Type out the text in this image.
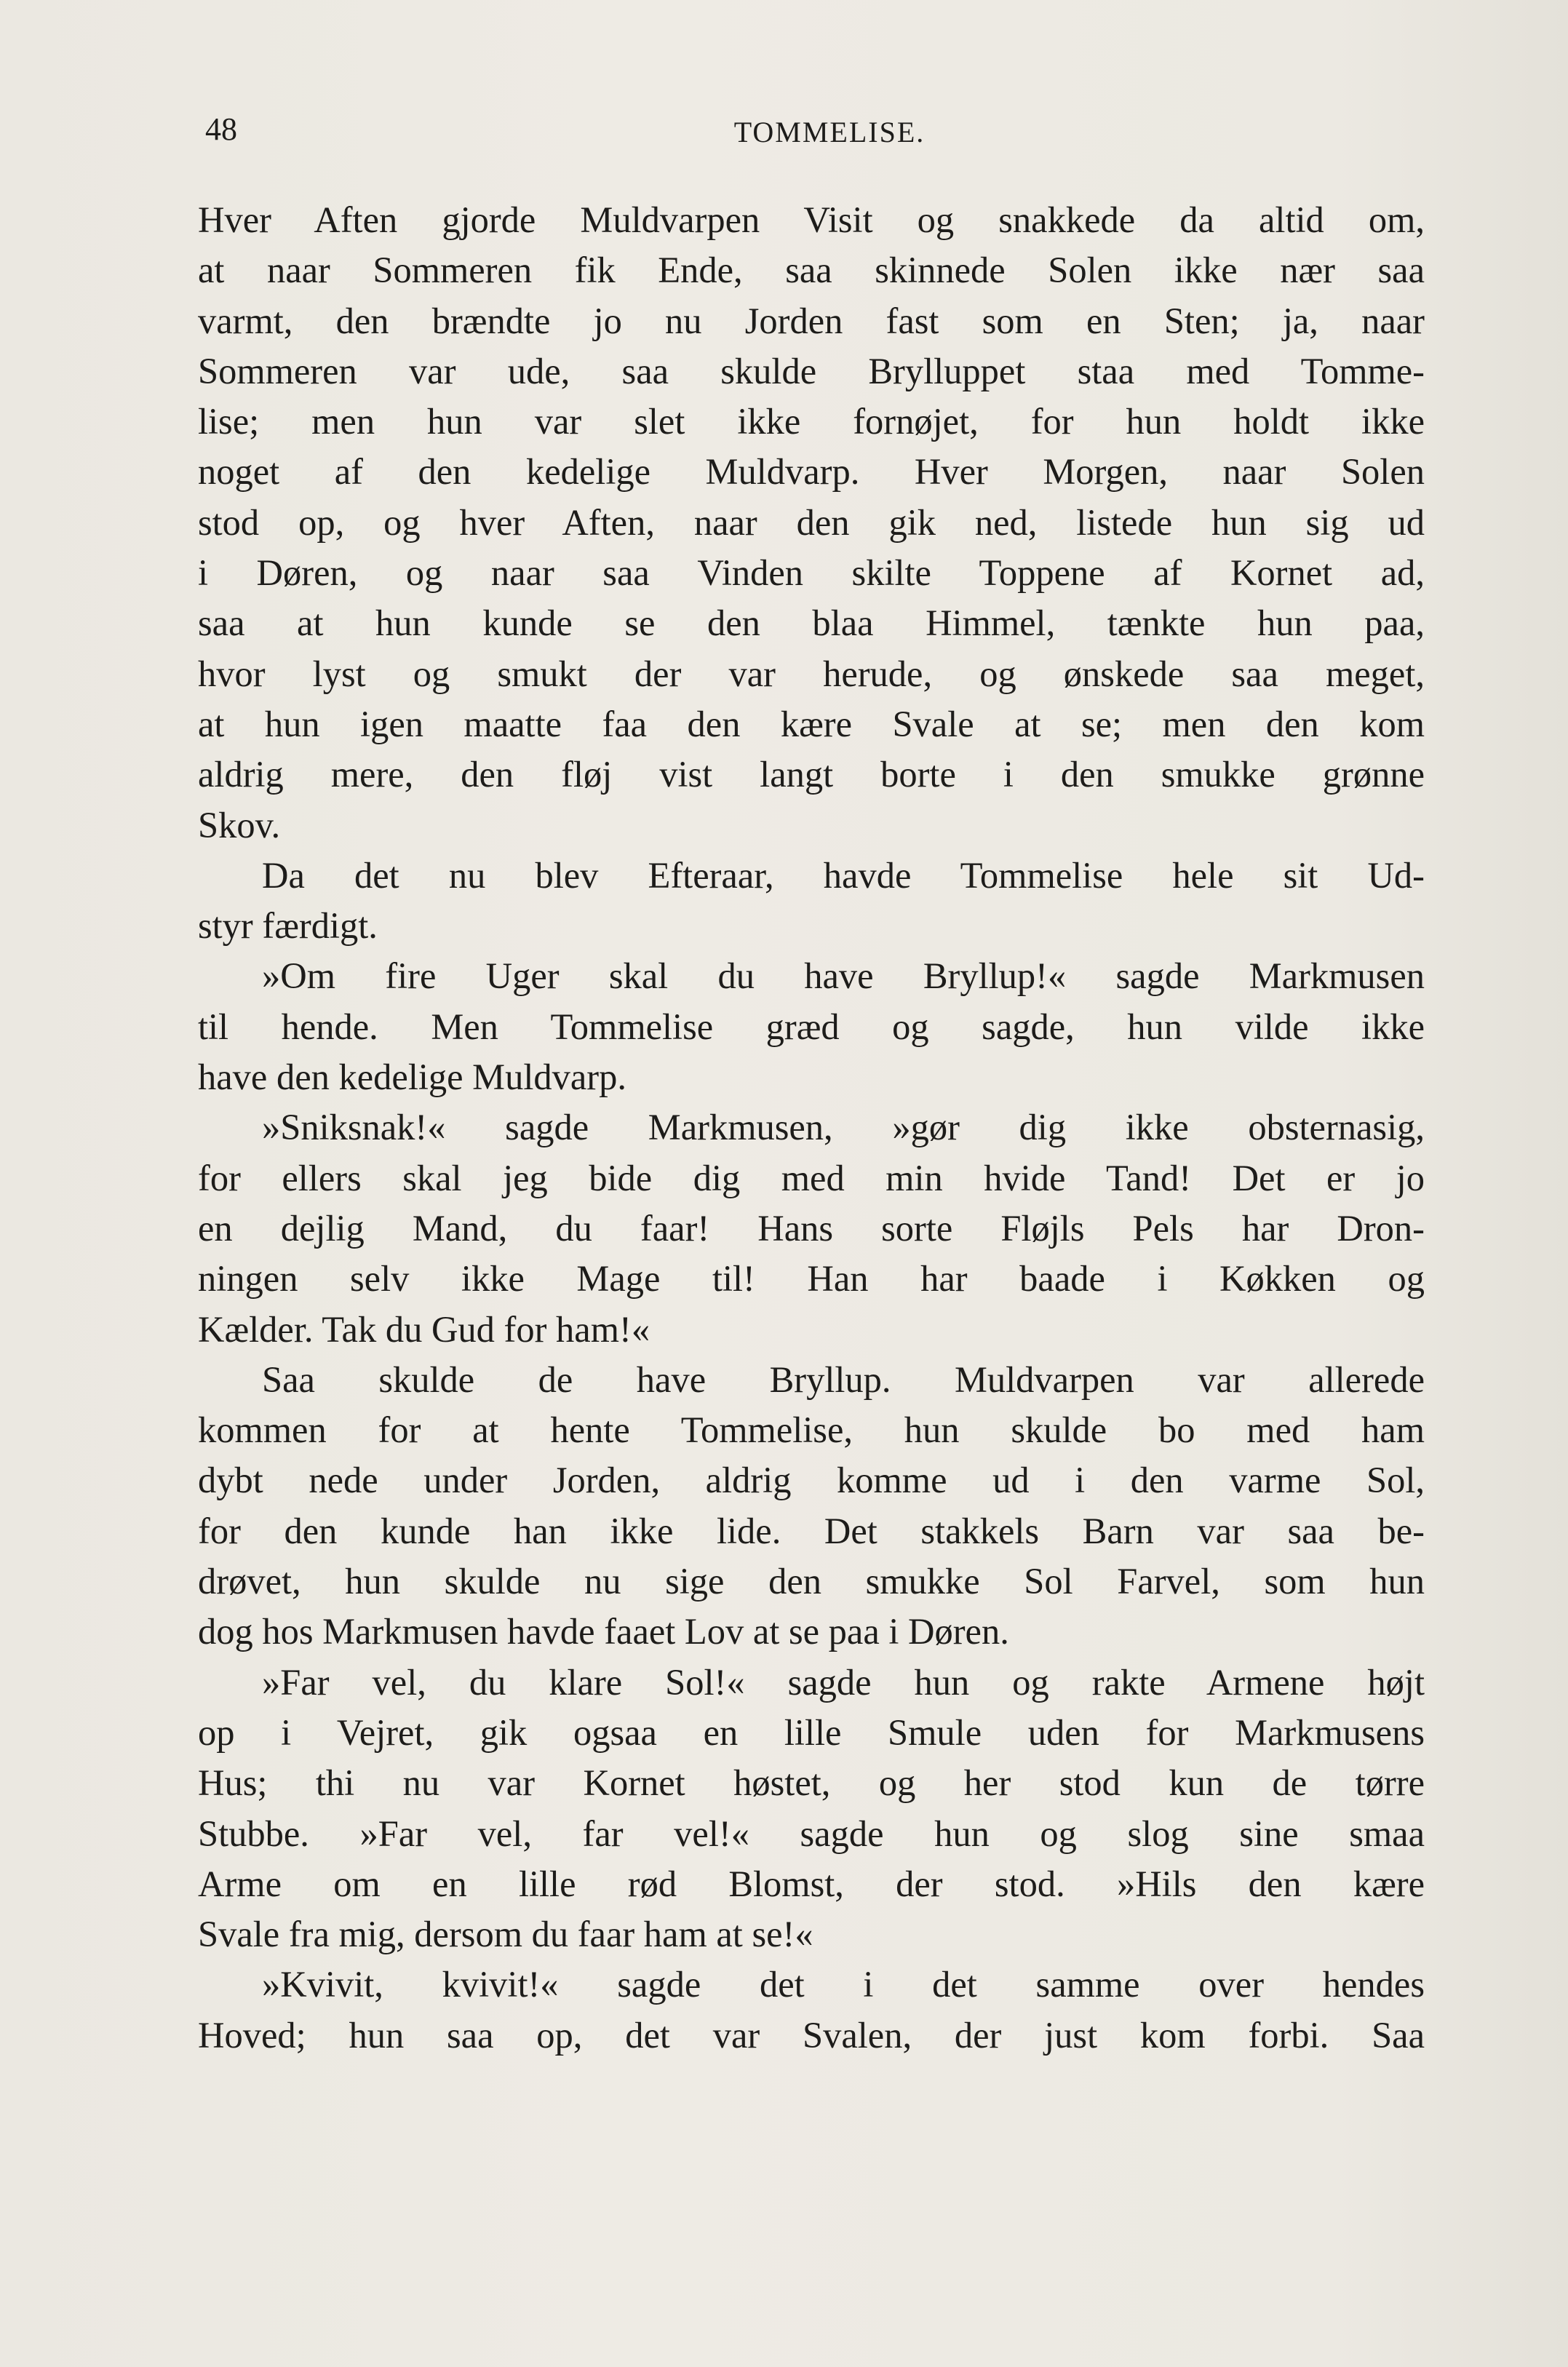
48	TOMMELISE.
Hver Aften gjorde Muldvarpen Visit og snakkede da altid om,
at naar Sommeren fik Ende, saa skinnede Solen ikke nær saa
varmt, den brændte jo nu Jorden fast som en Sten; ja, naar
Sommeren var ude, saa skulde Brylluppet staa med Tomme-
lise; men hun var slet ikke fornøjet, for hun holdt ikke
noget af den kedelige Muldvarp. Hver Morgen, naar Solen
stod op, og hver Aften, naar den gik ned, listede hun sig ud
i Døren, og naar saa Vinden skilte Toppene af Kornet ad,
saa at hun kunde se den blaa Himmel, tænkte hun paa,
hvor lyst og smukt der var herude, og ønskede saa meget,
at hun igen maatte faa den kære Svale at se; men den kom
aldrig mere, den fløj vist langt borte i den smukke grønne
Skov.
Da det nu blev Efteraar, havde Tommelise hele sit Ud-
styr færdigt.
»Om fire Uger skal du have Bryllup!« sagde Markmusen
til hende. Men Tommelise græd og sagde, hun vilde ikke
have den kedelige Muldvarp.
»Sniksnak!« sagde Markmusen, »gør dig ikke obsternasig,
for ellers skal jeg bide dig med min hvide Tand! Det er jo
en dejlig Mand, du faar! Hans sorte Fløjls Pels har Dron-
ningen selv ikke Mage til! Han har baade i Køkken og
Kælder. Tak du Gud for ham!«
Saa skulde de have Bryllup. Muldvarpen var allerede
kommen for at hente Tommelise, hun skulde bo med ham
dybt nede under Jorden, aldrig komme ud i den varme Sol,
for den kunde han ikke lide. Det stakkels Barn var saa be-
drøvet, hun skulde nu sige den smukke Sol Farvel, som hun
dog hos Markmusen havde faaet Lov at se paa i Døren.
»Far vel, du klare Sol!« sagde hun og rakte Armene højt
op i Vejret, gik ogsaa en lille Smule uden for Markmusens
Hus; thi nu var Kornet høstet, og her stod kun de tørre
Stubbe. »Far vel, far vel!« sagde hun og slog sine smaa
Arme om en lille rød Blomst, der stod. »Hils den kære
Svale fra mig, dersom du faar ham at se!«
»Kvivit, kvivit!« sagde det i det samme over hendes
Hoved; hun saa op, det var Svalen, der just kom forbi. Saa
